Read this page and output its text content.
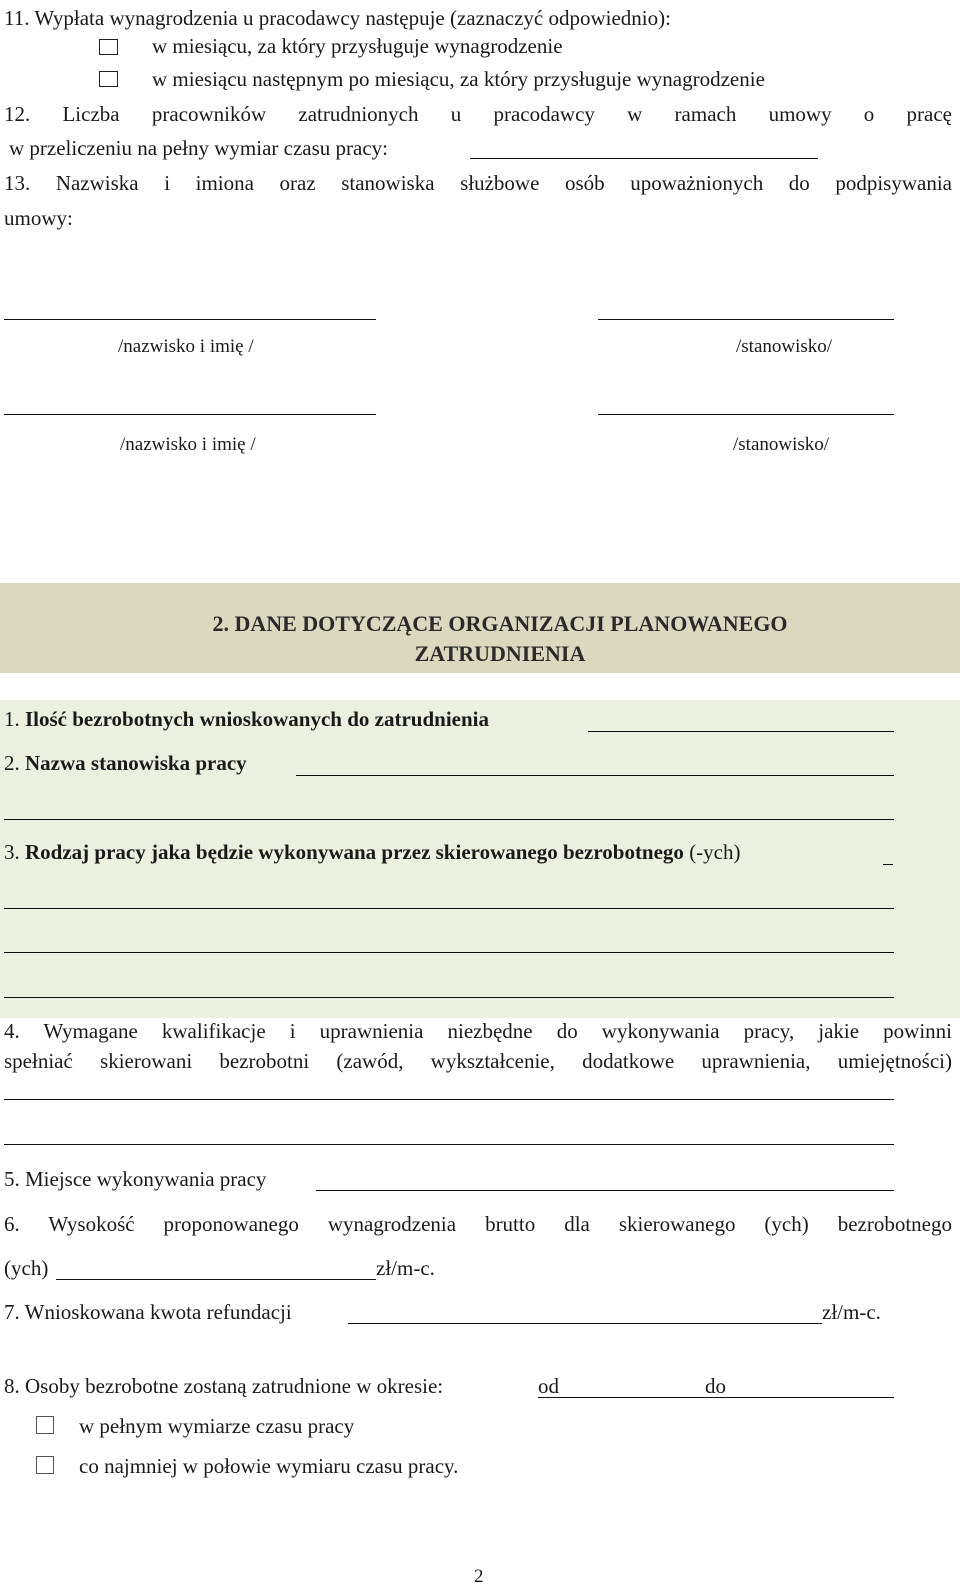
11. Wypłata wynagrodzenia u pracodawcy następuje (zaznaczyć odpowiednio):
w miesiącu, za który przysługuje wynagrodzenie
w miesiącu następnym po miesiącu, za który przysługuje wynagrodzenie
12. Liczba pracowników zatrudnionych u pracodawcy w ramach umowy o pracę
w przeliczeniu na pełny wymiar czasu pracy:
13. Nazwiska i imiona oraz stanowiska służbowe osób upoważnionych do podpisywania
umowy:
/nazwisko i imię /	/stanowisko/
/nazwisko i imię /	/stanowisko/
2. DANE DOTYCZĄCE ORGANIZACJI PLANOWANEGO
ZATRUDNIENIA
1. Ilość bezrobotnych wnioskowanych do zatrudnienia
2. Nazwa stanowiska pracy
3. Rodzaj pracy jaka będzie wykonywana przez skierowanego bezrobotnego (-ych)
4. Wymagane kwalifikacje i uprawnienia niezbędne do wykonywania pracy, jakie powinni
spełniać skierowani bezrobotni (zawód, wykształcenie, dodatkowe uprawnienia, umiejętności)
5. Miejsce wykonywania pracy
6. Wysokość proponowanego wynagrodzenia brutto dla skierowanego (ych) bezrobotnego
(ych)	zł/m-c.
7. Wnioskowana kwota refundacji	zł/m-c.
8. Osoby bezrobotne zostaną zatrudnione w okresie:	od	do
w pełnym wymiarze czasu pracy
co najmniej w połowie wymiaru czasu pracy.
2
